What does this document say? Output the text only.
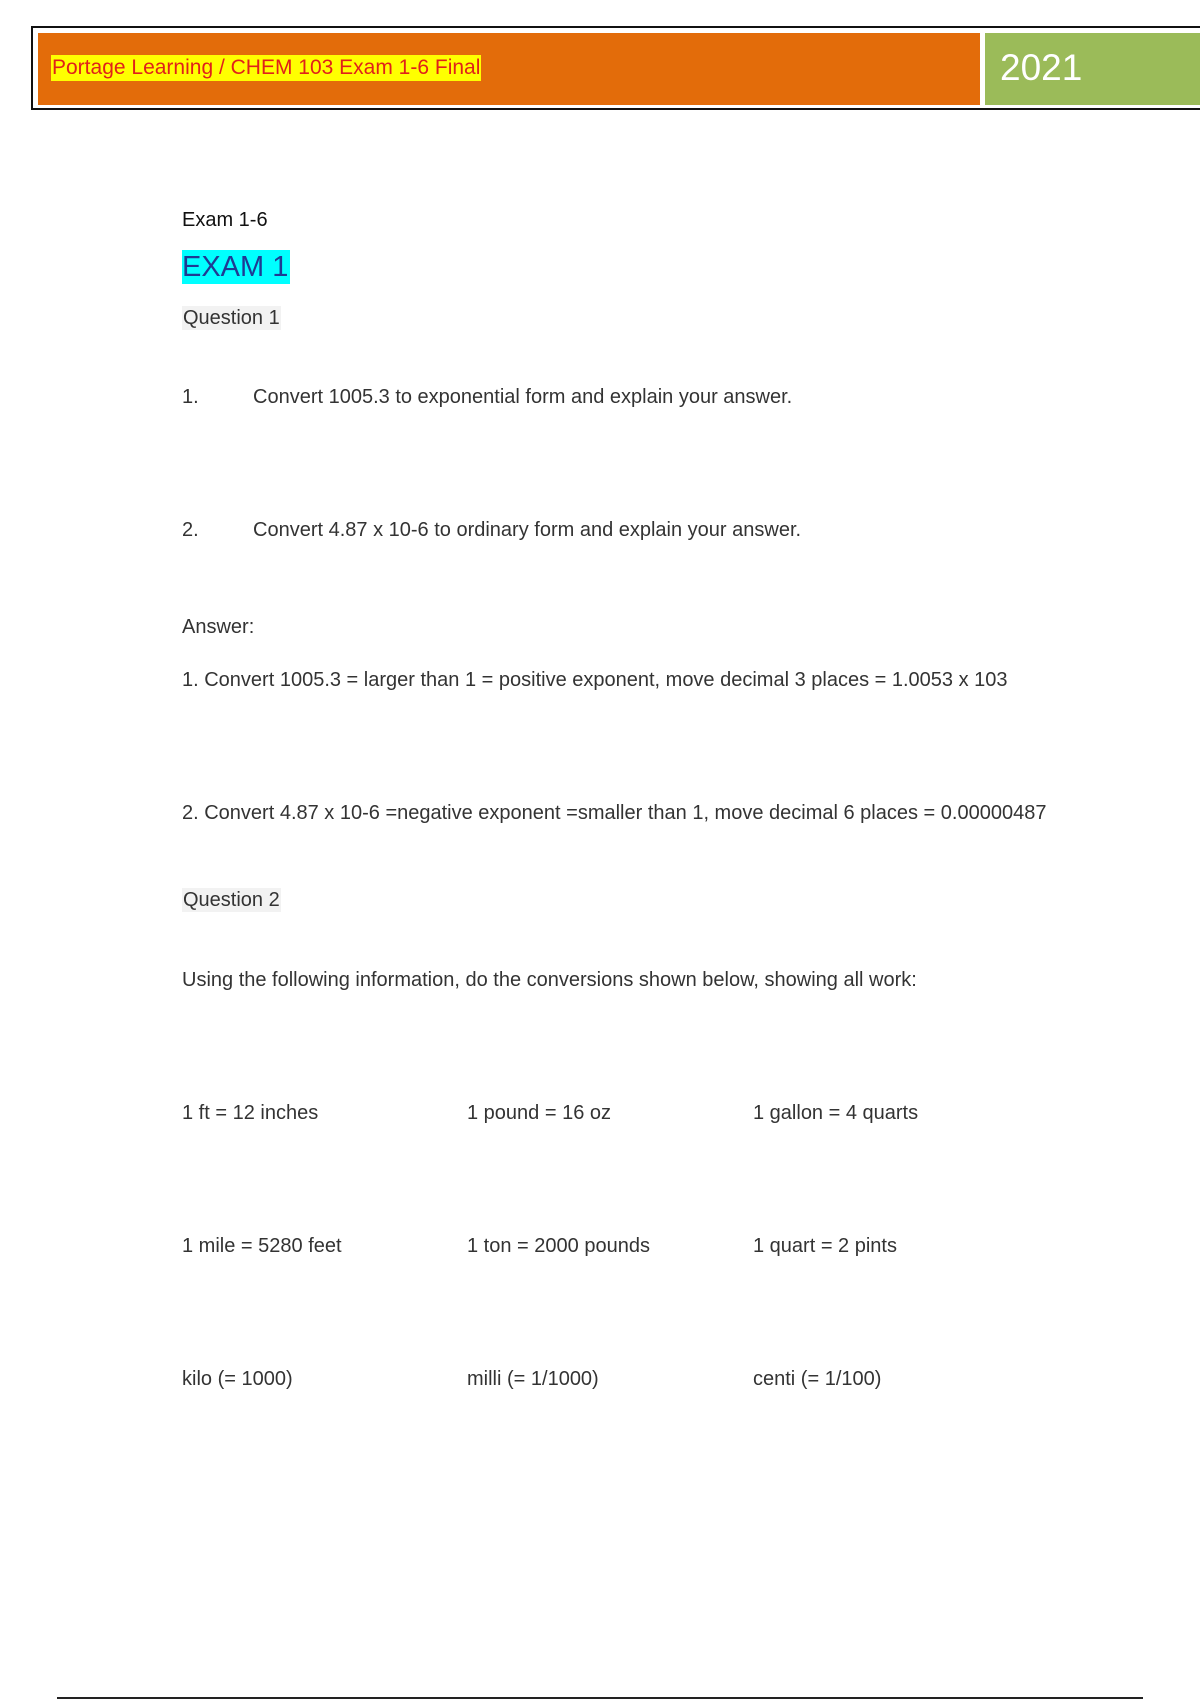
Portage Learning / CHEM 103 Exam 1-6 Final	2021
Exam 1-6
EXAM 1
Question 1
1.	Convert 1005.3 to exponential form and explain your answer.
2.	Convert 4.87 x 10-6 to ordinary form and explain your answer.
Answer:
1. Convert 1005.3 = larger than 1 = positive exponent, move decimal 3 places = 1.0053 x 103
2. Convert 4.87 x 10-6 =negative exponent =smaller than 1, move decimal 6 places = 0.00000487
Question 2
Using the following information, do the conversions shown below, showing all work:
1 ft = 12 inches	1 pound = 16 oz	1 gallon = 4 quarts
1 mile = 5280 feet	1 ton = 2000 pounds	1 quart = 2 pints
kilo (= 1000)	milli (= 1/1000)	centi (= 1/100)
